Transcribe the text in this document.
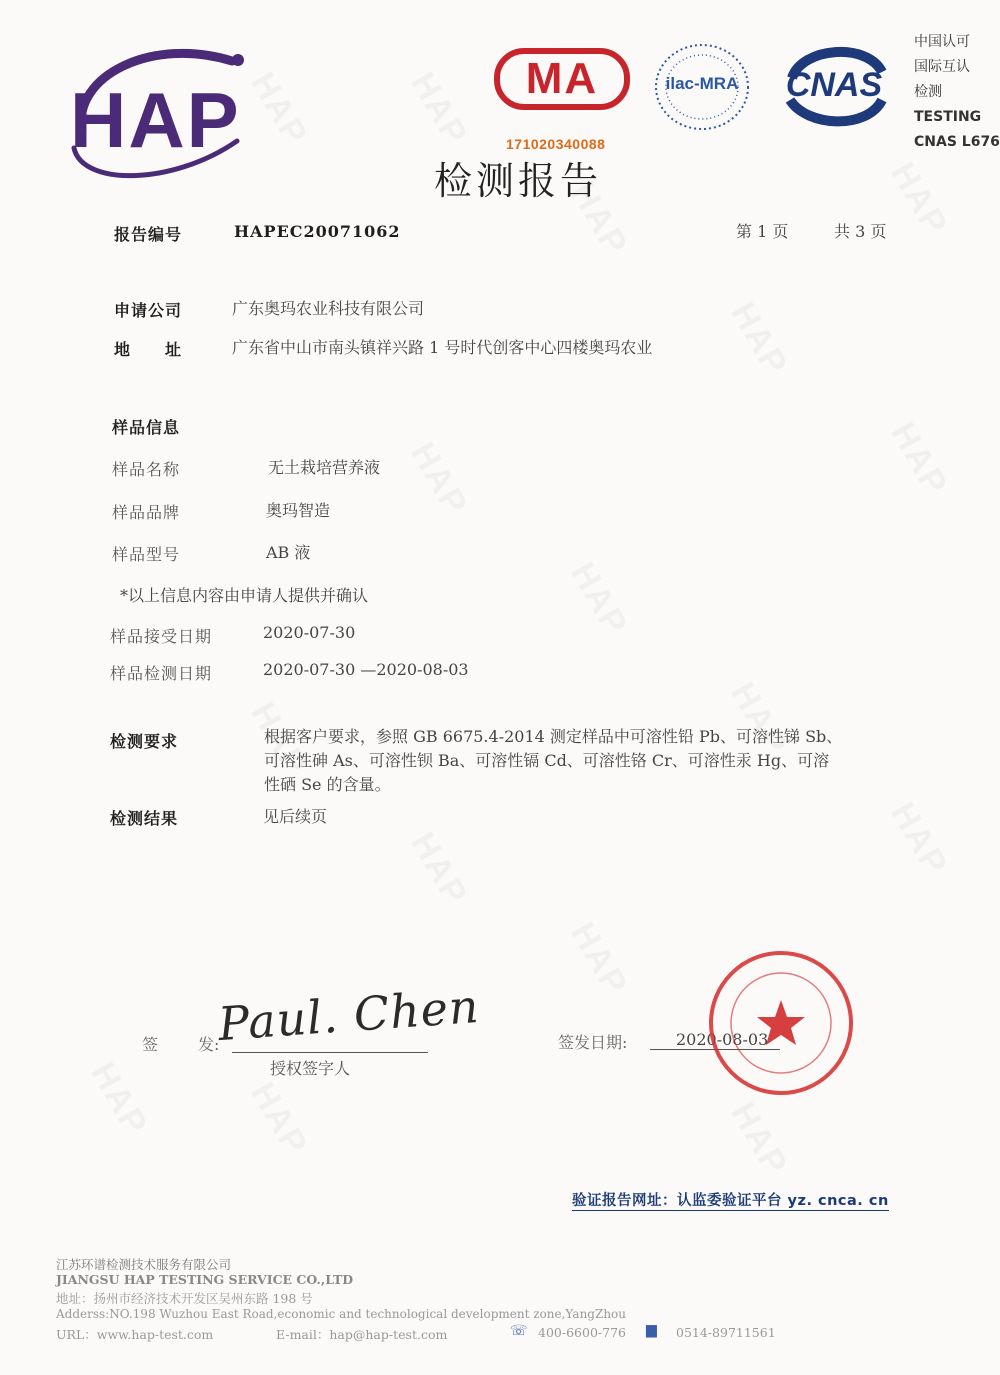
HAP	HAP
HAP
HAP
HAP
HAP
HAP
HAP
HAP
HAP
HAP
HAP
HAP
HAP	HAP
HAP
HAP	MA	ilac-MRA	CNAS
中国认可
国际互认
检测
TESTING
CNAS L676
171020340088
检测报告
报告编号	HAPEC20071062	第 1 页	共 3 页
申请公司	广东奥玛农业科技有限公司
地　　址	广东省中山市南头镇祥兴路 1 号时代创客中心四楼奥玛农业
样品信息
样品名称	无土栽培营养液
样品品牌	奥玛智造
样品型号	AB 液
*以上信息内容由申请人提供并确认
样品接受日期	2020-07-30
样品检测日期	2020-07-30 —2020-08-03
检测要求	根据客户要求，参照 GB 6675.4-2014 测定样品中可溶性铅 Pb、可溶性锑 Sb、
可溶性砷 As、可溶性钡 Ba、可溶性镉 Cd、可溶性铬 Cr、可溶性汞 Hg、可溶
性硒 Se 的含量。
检测结果	见后续页
签 发:
Paul. Chen
授权签字人
签发日期:	2020-08-03
验证报告网址：认监委验证平台 yz. cnca. cn
江苏环谱检测技术服务有限公司
JIANGSU HAP TESTING SERVICE CO.,LTD
地址：扬州市经济技术开发区吴州东路 198 号
Adderss:NO.198 Wuzhou East Road,economic and technological development zone,YangZhou
URL：www.hap-test.com	E-mail：hap@hap-test.com	☏ 400-6600-776 ▆ 0514-89711561
